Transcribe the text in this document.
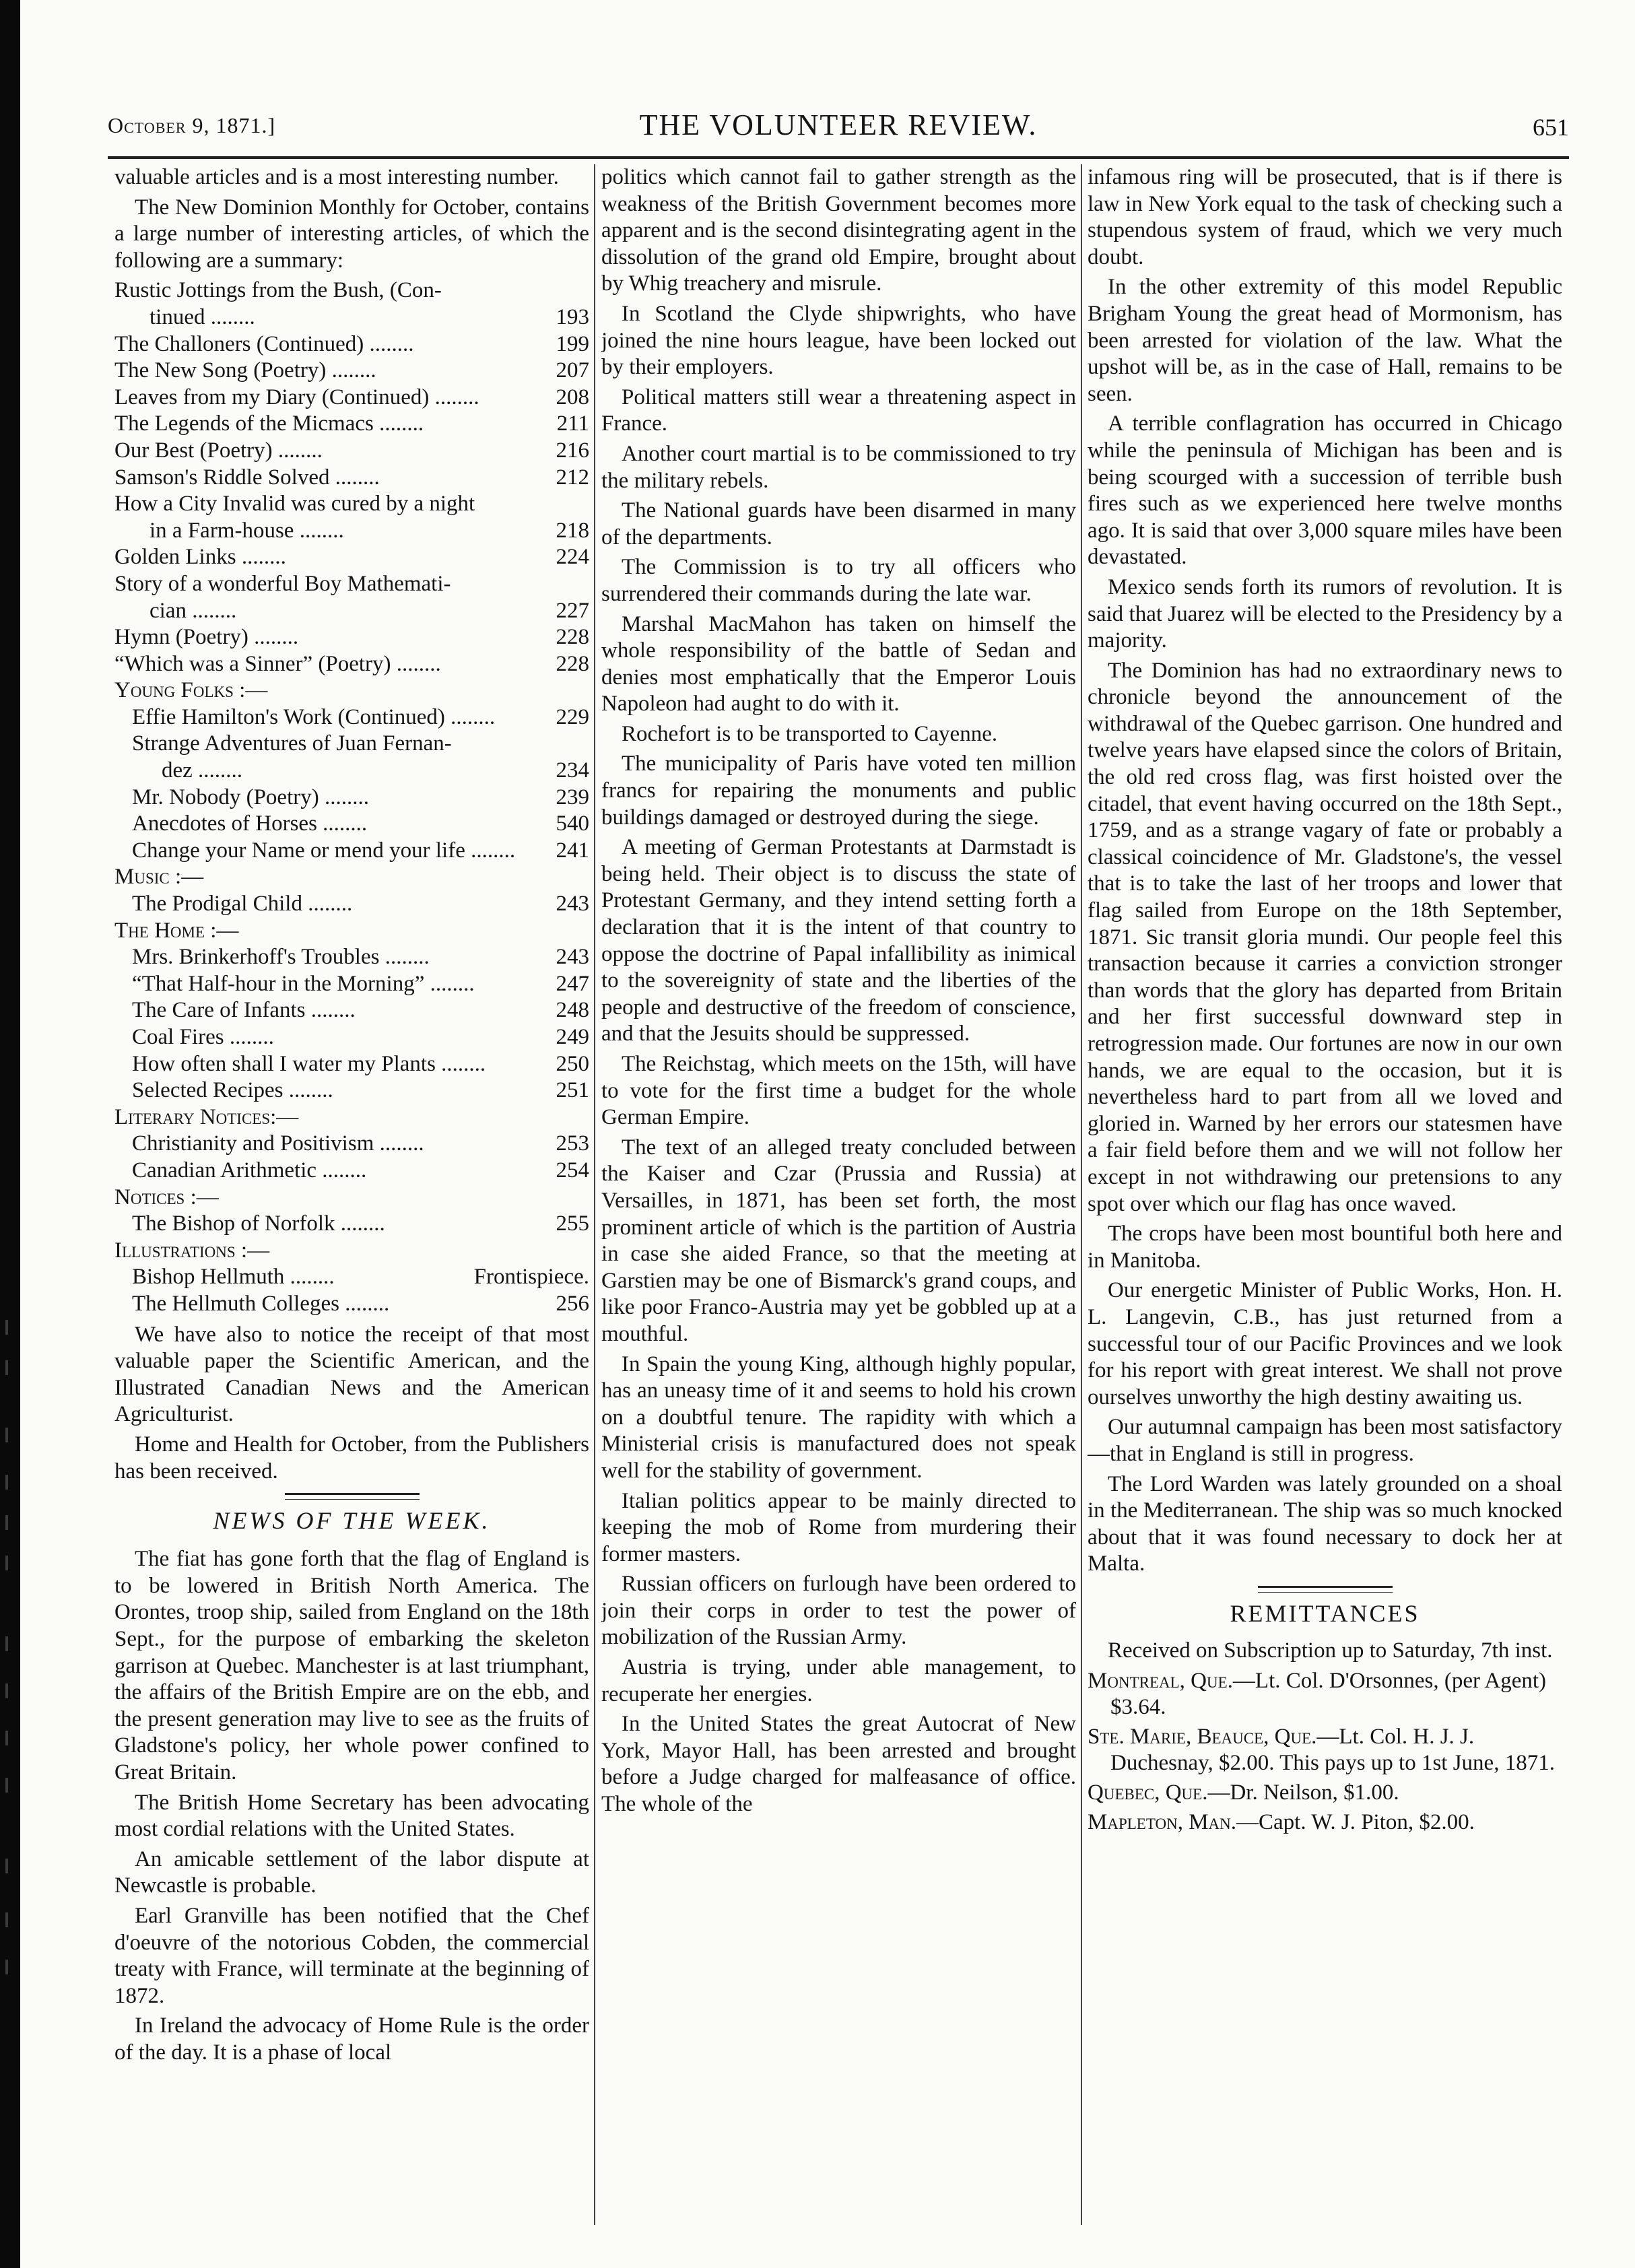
October 9, 1871.]	THE VOLUNTEER REVIEW.	651

valuable articles and is a most interesting number.

The New Dominion Monthly for October, contains a large number of interesting articles, of which the following are a summary:

Rustic Jottings from the Bush, (Con-
tinued ........	193
The Challoners (Continued) ........	199
The New Song (Poetry) ........	207
Leaves from my Diary (Continued) ........	208
The Legends of the Micmacs ........	211
Our Best (Poetry) ........	216
Samson's Riddle Solved ........	212
How a City Invalid was cured by a night
in a Farm-house ........	218
Golden Links ........	224
Story of a wonderful Boy Mathemati-
cian ........	227
Hymn (Poetry) ........	228
“Which was a Sinner” (Poetry) ........	228
Young Folks :—
Effie Hamilton's Work (Continued) ........	229
Strange Adventures of Juan Fernan-
dez ........	234
Mr. Nobody (Poetry) ........	239
Anecdotes of Horses ........	540
Change your Name or mend your life ........ 241
Music :—
The Prodigal Child ........	243
The Home :—
Mrs. Brinkerhoff's Troubles ........	243
“That Half-hour in the Morning” ........	247
The Care of Infants ........	248
Coal Fires ........	249
How often shall I water my Plants ........	250
Selected Recipes ........	251
Literary Notices:—
Christianity and Positivism ........	253
Canadian Arithmetic ........	254
Notices :—
The Bishop of Norfolk ........	255
Illustrations :—
Bishop Hellmuth ........	Frontispiece.
The Hellmuth Colleges ........	256

We have also to notice the receipt of that most valuable paper the Scientific American, and the Illustrated Canadian News and the American Agriculturist.

Home and Health for October, from the Publishers has been received.

NEWS OF THE WEEK.

The fiat has gone forth that the flag of England is to be lowered in British North America. The Orontes, troop ship, sailed from England on the 18th Sept., for the purpose of embarking the skeleton garrison at Quebec. Manchester is at last triumphant, the affairs of the British Empire are on the ebb, and the present generation may live to see as the fruits of Gladstone's policy, her whole power confined to Great Britain.

The British Home Secretary has been advocating most cordial relations with the United States.

An amicable settlement of the labor dispute at Newcastle is probable.

Earl Granville has been notified that the Chef d'oeuvre of the notorious Cobden, the commercial treaty with France, will terminate at the beginning of 1872.

In Ireland the advocacy of Home Rule is the order of the day. It is a phase of local

politics which cannot fail to gather strength as the weakness of the British Government becomes more apparent and is the second disintegrating agent in the dissolution of the grand old Empire, brought about by Whig treachery and misrule.

In Scotland the Clyde shipwrights, who have joined the nine hours league, have been locked out by their employers.

Political matters still wear a threatening aspect in France.

Another court martial is to be commissioned to try the military rebels.

The National guards have been disarmed in many of the departments.

The Commission is to try all officers who surrendered their commands during the late war.

Marshal MacMahon has taken on himself the whole responsibility of the battle of Sedan and denies most emphatically that the Emperor Louis Napoleon had aught to do with it.

Rochefort is to be transported to Cayenne.

The municipality of Paris have voted ten million francs for repairing the monuments and public buildings damaged or destroyed during the siege.

A meeting of German Protestants at Darmstadt is being held. Their object is to discuss the state of Protestant Germany, and they intend setting forth a declaration that it is the intent of that country to oppose the doctrine of Papal infallibility as inimical to the sovereignity of state and the liberties of the people and destructive of the freedom of conscience, and that the Jesuits should be suppressed.

The Reichstag, which meets on the 15th, will have to vote for the first time a budget for the whole German Empire.

The text of an alleged treaty concluded between the Kaiser and Czar (Prussia and Russia) at Versailles, in 1871, has been set forth, the most prominent article of which is the partition of Austria in case she aided France, so that the meeting at Garstien may be one of Bismarck's grand coups, and like poor Franco-Austria may yet be gobbled up at a mouthful.

In Spain the young King, although highly popular, has an uneasy time of it and seems to hold his crown on a doubtful tenure. The rapidity with which a Ministerial crisis is manufactured does not speak well for the stability of government.

Italian politics appear to be mainly directed to keeping the mob of Rome from murdering their former masters.

Russian officers on furlough have been ordered to join their corps in order to test the power of mobilization of the Russian Army.

Austria is trying, under able management, to recuperate her energies.

In the United States the great Autocrat of New York, Mayor Hall, has been arrested and brought before a Judge charged for malfeasance of office. The whole of the

infamous ring will be prosecuted, that is if there is law in New York equal to the task of checking such a stupendous system of fraud, which we very much doubt.

In the other extremity of this model Republic Brigham Young the great head of Mormonism, has been arrested for violation of the law. What the upshot will be, as in the case of Hall, remains to be seen.

A terrible conflagration has occurred in Chicago while the peninsula of Michigan has been and is being scourged with a succession of terrible bush fires such as we experienced here twelve months ago. It is said that over 3,000 square miles have been devastated.

Mexico sends forth its rumors of revolution. It is said that Juarez will be elected to the Presidency by a majority.

The Dominion has had no extraordinary news to chronicle beyond the announcement of the withdrawal of the Quebec garrison. One hundred and twelve years have elapsed since the colors of Britain, the old red cross flag, was first hoisted over the citadel, that event having occurred on the 18th Sept., 1759, and as a strange vagary of fate or probably a classical coincidence of Mr. Gladstone's, the vessel that is to take the last of her troops and lower that flag sailed from Europe on the 18th September, 1871. Sic transit gloria mundi. Our people feel this transaction because it carries a conviction stronger than words that the glory has departed from Britain and her first successful downward step in retrogression made. Our fortunes are now in our own hands, we are equal to the occasion, but it is nevertheless hard to part from all we loved and gloried in. Warned by her errors our statesmen have a fair field before them and we will not follow her except in not withdrawing our pretensions to any spot over which our flag has once waved.

The crops have been most bountiful both here and in Manitoba.

Our energetic Minister of Public Works, Hon. H. L. Langevin, C.B., has just returned from a successful tour of our Pacific Provinces and we look for his report with great interest. We shall not prove ourselves unworthy the high destiny awaiting us.

Our autumnal campaign has been most satisfactory—that in England is still in progress.

The Lord Warden was lately grounded on a shoal in the Mediterranean. The ship was so much knocked about that it was found necessary to dock her at Malta.

REMITTANCES

Received on Subscription up to Saturday, 7th inst.

Montreal, Que.—Lt. Col. D'Orsonnes, (per Agent) $3.64.
Ste. Marie, Beauce, Que.—Lt. Col. H. J. J. Duchesnay, $2.00. This pays up to 1st June, 1871.
Quebec, Que.—Dr. Neilson, $1.00.
Mapleton, Man.—Capt. W. J. Piton, $2.00.
